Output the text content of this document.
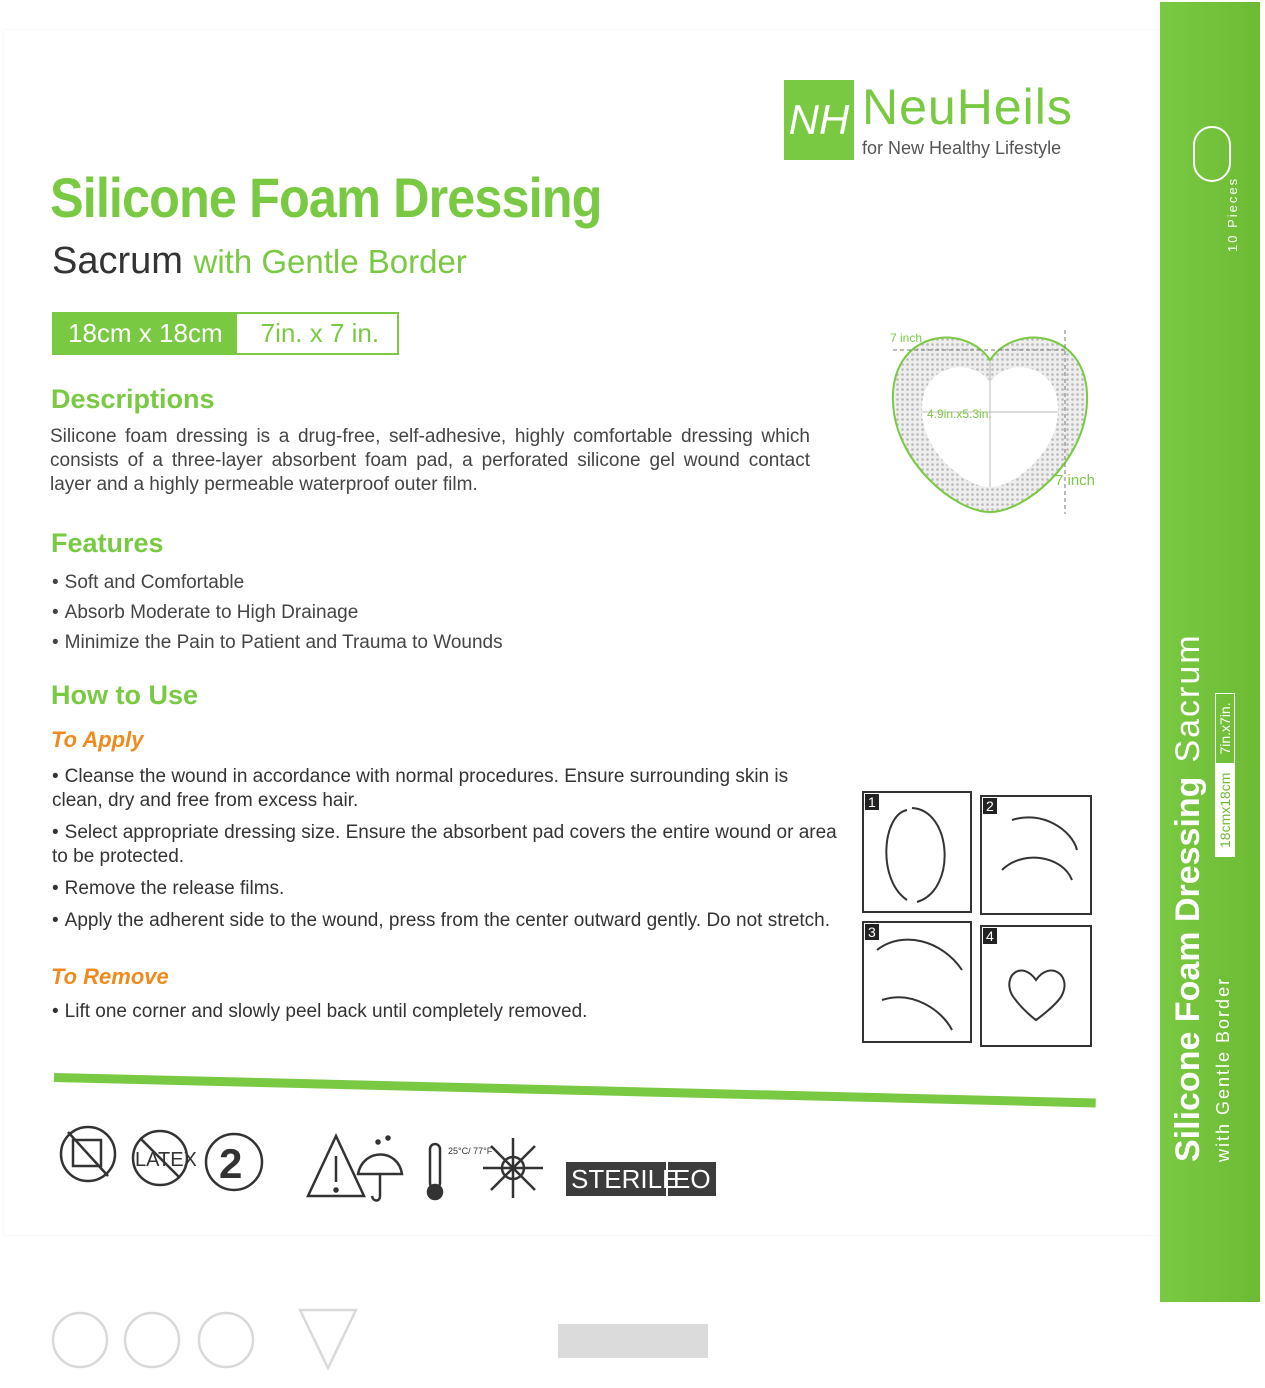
Silicone Foam DressingSacrum
with Gentle Border
18cmx18cm
7in.x7in.
10 Pieces
NH NeuHeils
for New Healthy Lifestyle
Silicone Foam Dressing
Sacrum with Gentle Border
18cm x 18cm	7in. x 7 in.	7 inch
4.9in.x5.3in.
7 inch
Descriptions
Silicone foam dressing is a drug-free, self-adhesive, highly comfortable dressing which consists of a three-layer absorbent foam pad, a perforated silicone gel wound contact layer and a highly permeable waterproof outer film.
Features
• Soft and Comfortable
• Absorb Moderate to High Drainage
• Minimize the Pain to Patient and Trauma to Wounds
How to Use
To Apply
• Cleanse the wound in accordance with normal procedures. Ensure surrounding skin is clean, dry and free from excess hair.
• Select appropriate dressing size. Ensure the absorbent pad covers the entire wound or area to be protected.
• Remove the release films.
• Apply the adherent side to the wound, press from the center outward gently. Do not stretch.
To Remove
• Lift one corner and slowly peel back until completely removed.
1	2
3	4
LATEX 2	25°C/ 77°F
STERILE
EO
